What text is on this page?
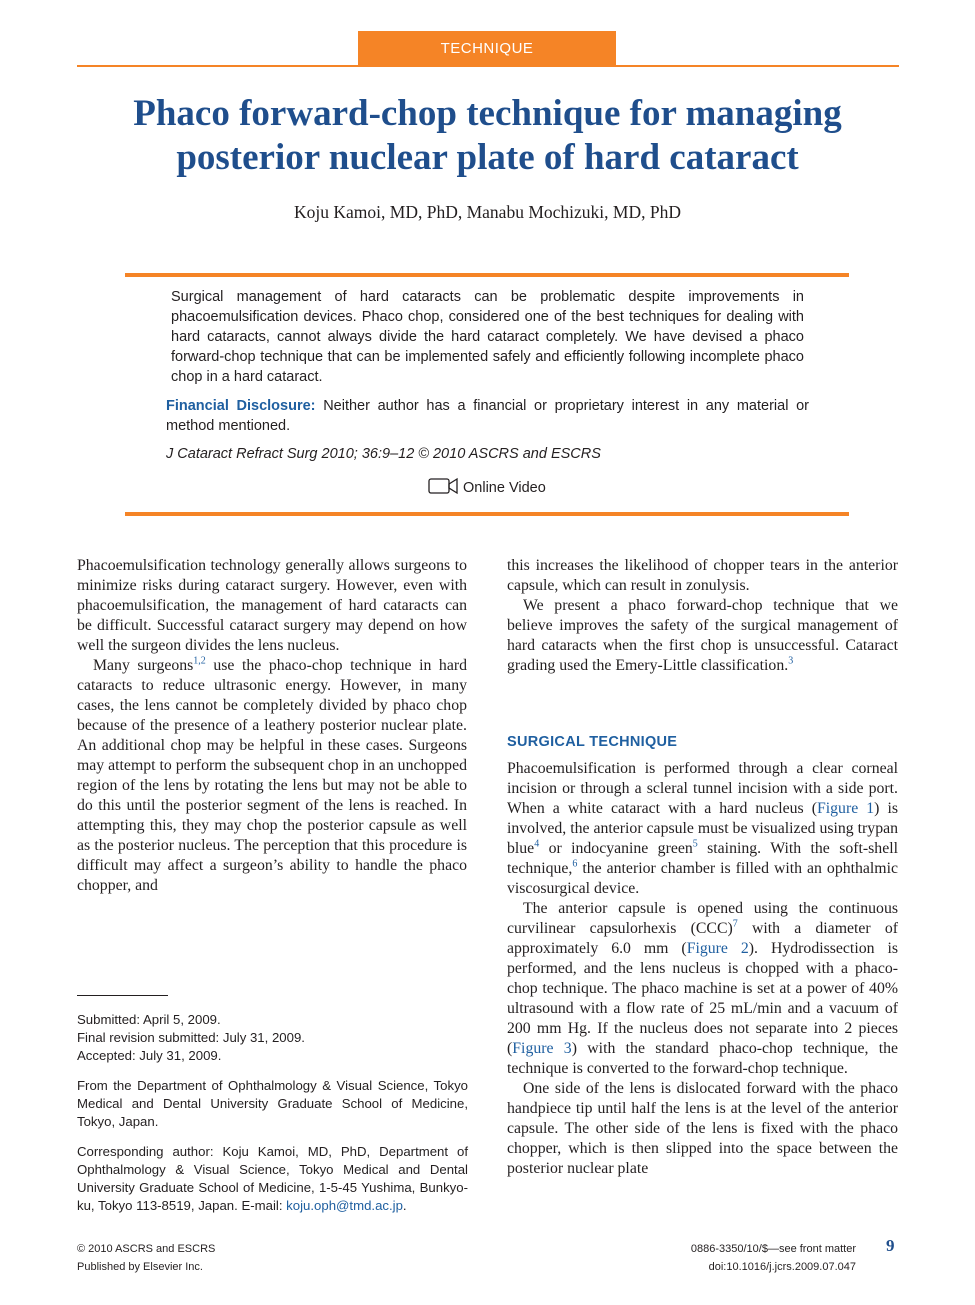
TECHNIQUE
Phaco forward-chop technique for managing posterior nuclear plate of hard cataract
Koju Kamoi, MD, PhD, Manabu Mochizuki, MD, PhD
Surgical management of hard cataracts can be problematic despite improvements in phacoemulsification devices. Phaco chop, considered one of the best techniques for dealing with hard cataracts, cannot always divide the hard cataract completely. We have devised a phaco forward-chop technique that can be implemented safely and efficiently following incomplete phaco chop in a hard cataract.
Financial Disclosure: Neither author has a financial or proprietary interest in any material or method mentioned.
J Cataract Refract Surg 2010; 36:9–12 © 2010 ASCRS and ESCRS
Online Video

Phacoemulsification technology generally allows surgeons to minimize risks during cataract surgery. However, even with phacoemulsification, the management of hard cataracts can be difficult. Successful cataract surgery may depend on how well the surgeon divides the lens nucleus.

Many surgeons$^{1,2}$ use the phaco-chop technique in hard cataracts to reduce ultrasonic energy. However, in many cases, the lens cannot be completely divided by phaco chop because of the presence of a leathery posterior nuclear plate. An additional chop may be helpful in these cases. Surgeons may attempt to perform the subsequent chop in an unchopped region of the lens by rotating the lens but may not be able to do this until the posterior segment of the lens is reached. In attempting this, they may chop the posterior capsule as well as the posterior nucleus. The perception that this procedure is difficult may affect a surgeon’s ability to handle the phaco chopper, and

this increases the likelihood of chopper tears in the anterior capsule, which can result in zonulysis.

We present a phaco forward-chop technique that we believe improves the safety of the surgical management of hard cataracts when the first chop is unsuccessful. Cataract grading used the Emery-Little classification.$^3$

SURGICAL TECHNIQUE

Phacoemulsification is performed through a clear corneal incision or through a scleral tunnel incision with a side port. When a white cataract with a hard nucleus (Figure 1) is involved, the anterior capsule must be visualized using trypan blue$^4$ or indocyanine green$^5$ staining. With the soft-shell technique,$^6$ the anterior chamber is filled with an ophthalmic viscosurgical device.

The anterior capsule is opened using the continuous curvilinear capsulorhexis (CCC)$^7$ with a diameter of approximately 6.0 mm (Figure 2). Hydrodissection is performed, and the lens nucleus is chopped with a phaco-chop technique. The phaco machine is set at a power of 40% ultrasound with a flow rate of 25 mL/min and a vacuum of 200 mm Hg. If the nucleus does not separate into 2 pieces (Figure 3) with the standard phaco-chop technique, the technique is converted to the forward-chop technique.

One side of the lens is dislocated forward with the phaco handpiece tip until half the lens is at the level of the anterior capsule. The other side of the lens is fixed with the phaco chopper, which is then slipped into the space between the posterior nuclear plate

Submitted: April 5, 2009.

Final revision submitted: July 31, 2009.

Accepted: July 31, 2009.

From the Department of Ophthalmology & Visual Science, Tokyo Medical and Dental University Graduate School of Medicine, Tokyo, Japan.
Corresponding author: Koju Kamoi, MD, PhD, Department of Ophthalmology & Visual Science, Tokyo Medical and Dental University Graduate School of Medicine, 1-5-45 Yushima, Bunkyo-ku, Tokyo 113-8519, Japan. E-mail: koju.oph@tmd.ac.jp.
© 2010 ASCRS and ESCRS
Published by Elsevier Inc.
0886-3350/10/$—see front matter
doi:10.1016/j.jcrs.2009.07.047
9
